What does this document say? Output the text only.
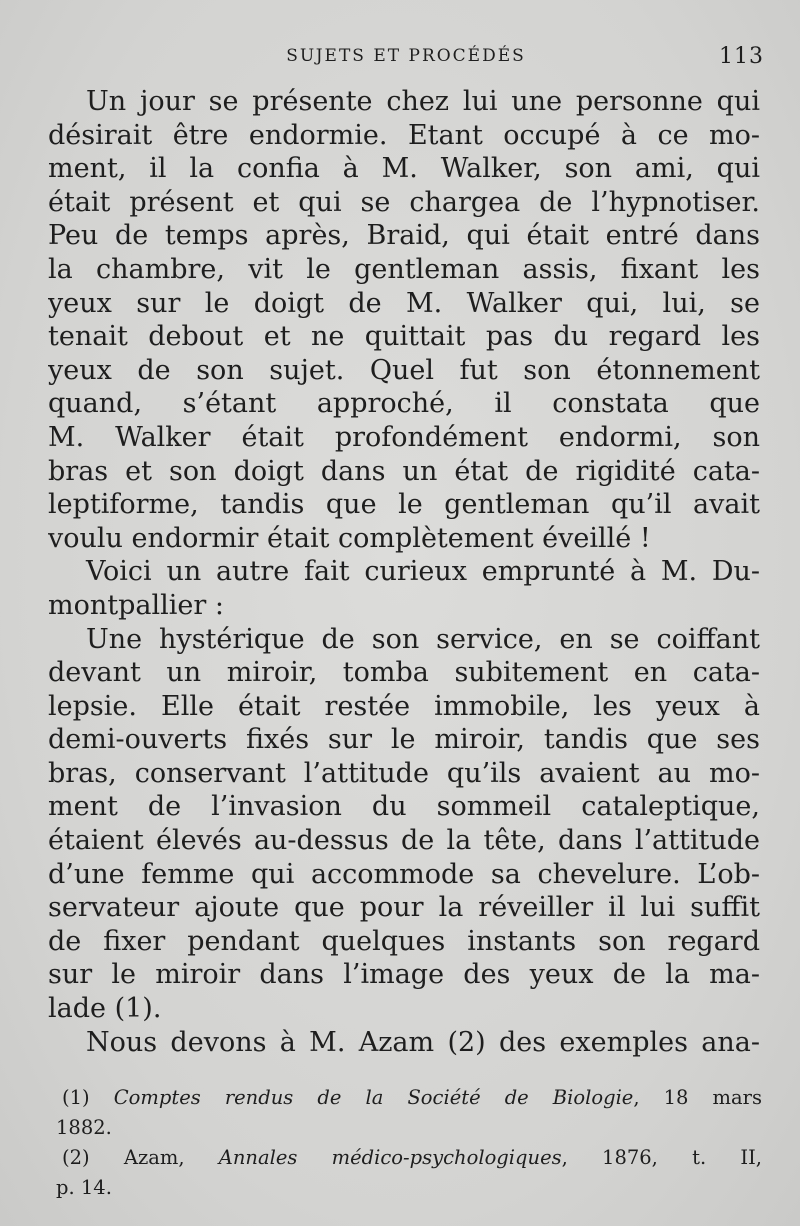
SUJETS ET PROCÉDÉS	113
Un jour se présente chez lui une personne qui
désirait être endormie. Etant occupé à ce mo-
ment, il la confia à M. Walker, son ami, qui
était présent et qui se chargea de l’hypnotiser.
Peu de temps après, Braid, qui était entré dans
la chambre, vit le gentleman assis, fixant les
yeux sur le doigt de M. Walker qui, lui, se
tenait debout et ne quittait pas du regard les
yeux de son sujet. Quel fut son étonnement
quand, s’étant approché, il constata que
M. Walker était profondément endormi, son
bras et son doigt dans un état de rigidité cata-
leptiforme, tandis que le gentleman qu’il avait
voulu endormir était complètement éveillé !
Voici un autre fait curieux emprunté à M. Du-
montpallier :
Une hystérique de son service, en se coiffant
devant un miroir, tomba subitement en cata-
lepsie. Elle était restée immobile, les yeux à
demi-ouverts fixés sur le miroir, tandis que ses
bras, conservant l’attitude qu’ils avaient au mo-
ment de l’invasion du sommeil cataleptique,
étaient élevés au-dessus de la tête, dans l’attitude
d’une femme qui accommode sa chevelure. L’ob-
servateur ajoute que pour la réveiller il lui suffit
de fixer pendant quelques instants son regard
sur le miroir dans l’image des yeux de la ma-
lade (1).
Nous devons à M. Azam (2) des exemples ana-
(1) Comptes rendus de la Société de Biologie, 18 mars
1882.
(2) Azam, Annales médico-psychologiques, 1876, t. II,
p. 14.
